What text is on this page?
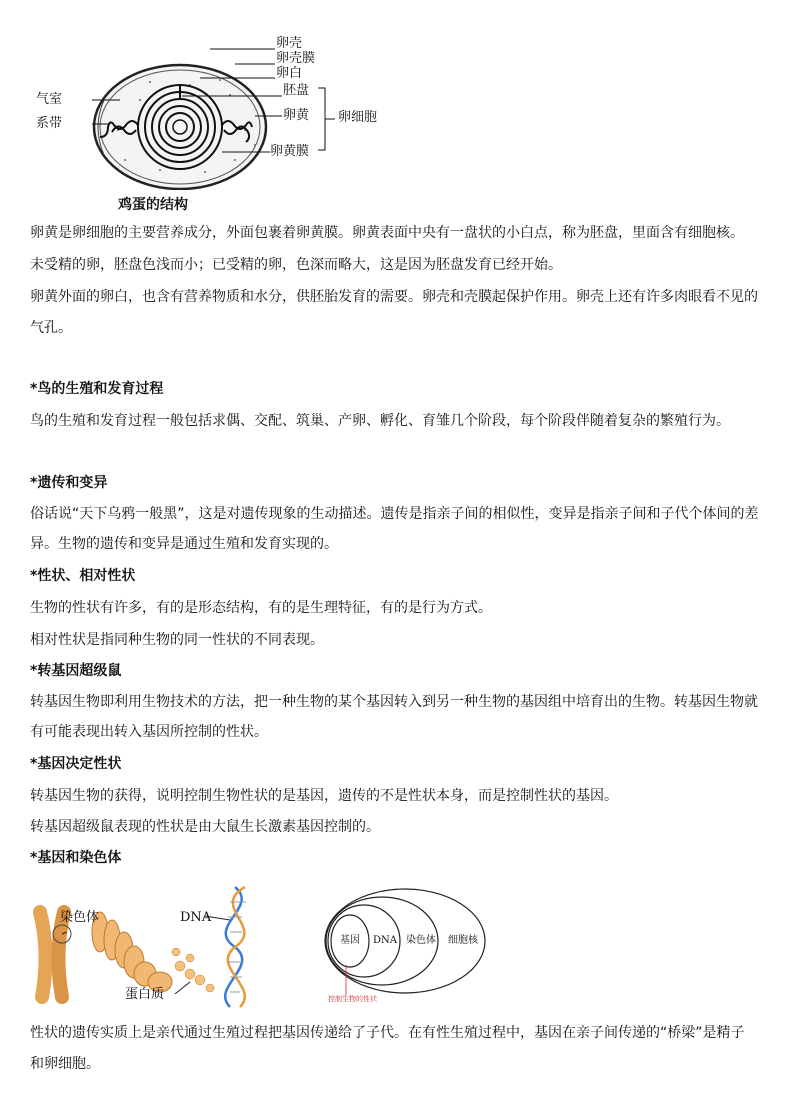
卵壳
卵壳膜
卵白
胚盘
卵黄
卵黄膜
气室
系带	卵细胞
鸡蛋的结构
卵黄是卵细胞的主要营养成分，外面包裹着卵黄膜。卵黄表面中央有一盘状的小白点，称为胚盘，里面含有细胞核。
未受精的卵，胚盘色浅而小；已受精的卵，色深而略大，这是因为胚盘发育已经开始。
卵黄外面的卵白，也含有营养物质和水分，供胚胎发育的需要。卵壳和壳膜起保护作用。卵壳上还有许多肉眼看不见的
气孔。
*鸟的生殖和发育过程
鸟的生殖和发育过程一般包括求偶、交配、筑巢、产卵、孵化、育雏几个阶段，每个阶段伴随着复杂的繁殖行为。
*遗传和变异
俗话说“天下乌鸦一般黑”，这是对遗传现象的生动描述。遗传是指亲子间的相似性，变异是指亲子间和子代个体间的差
异。生物的遗传和变异是通过生殖和发育实现的。
*性状、相对性状
生物的性状有许多，有的是形态结构，有的是生理特征，有的是行为方式。
相对性状是指同种生物的同一性状的不同表现。
*转基因超级鼠
转基因生物即利用生物技术的方法，把一种生物的某个基因转入到另一种生物的基因组中培育出的生物。转基因生物就
有可能表现出转入基因所控制的性状。
*基因决定性状
转基因生物的获得，说明控制生物性状的是基因，遗传的不是性状本身，而是控制性状的基因。
转基因超级鼠表现的性状是由大鼠生长激素基因控制的。
*基因和染色体
染色体	DNA
蛋白质
基因 DNA 染色体 细胞核
控制生物的性状
性状的遗传实质上是亲代通过生殖过程把基因传递给了子代。在有性生殖过程中，基因在亲子间传递的“桥梁”是精子
和卵细胞。
